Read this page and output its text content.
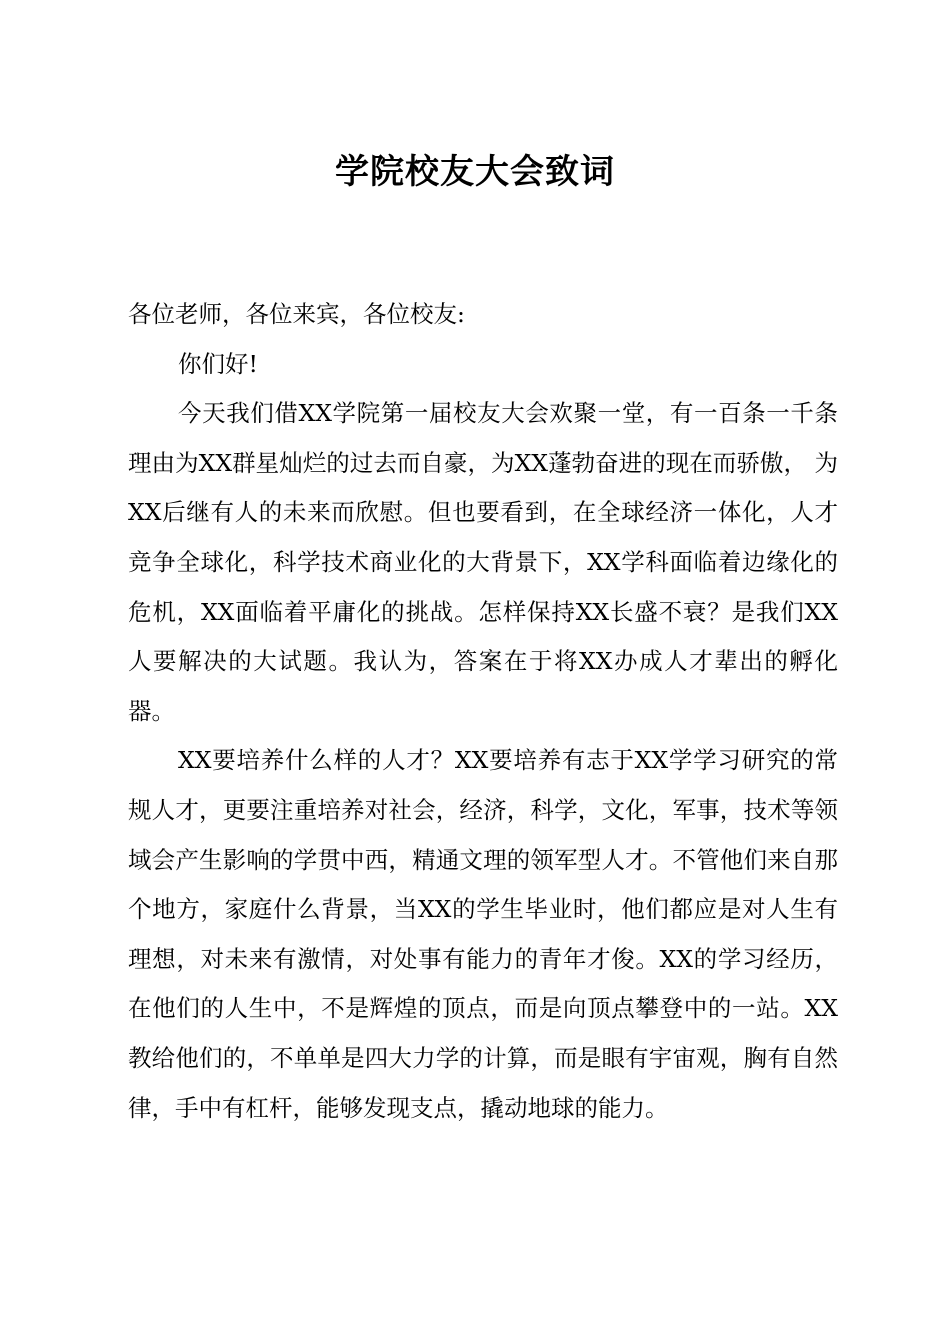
学院校友大会致词

各位老师，各位来宾，各位校友:

你们好!

今天我们借XX学院第一届校友大会欢聚一堂，有一百条一千条理由为XX群星灿烂的过去而自豪，为XX蓬勃奋进的现在而骄傲， 为XX后继有人的未来而欣慰。但也要看到，在全球经济一体化，人才竞争全球化，科学技术商业化的大背景下，XX学科面临着边缘化的危机，XX面临着平庸化的挑战。怎样保持XX长盛不衰？是我们XX人要解决的大试题。我认为，答案在于将XX办成人才辈出的孵化器。

XX要培养什么样的人才？XX要培养有志于XX学学习研究的常规人才，更要注重培养对社会，经济，科学，文化，军事，技术等领域会产生影响的学贯中西，精通文理的领军型人才。不管他们来自那个地方，家庭什么背景，当XX的学生毕业时，他们都应是对人生有理想，对未来有激情，对处事有能力的青年才俊。XX的学习经历，在他们的人生中，不是辉煌的顶点，而是向顶点攀登中的一站。XX教给他们的，不单单是四大力学的计算，而是眼有宇宙观，胸有自然律，手中有杠杆，能够发现支点，撬动地球的能力。
